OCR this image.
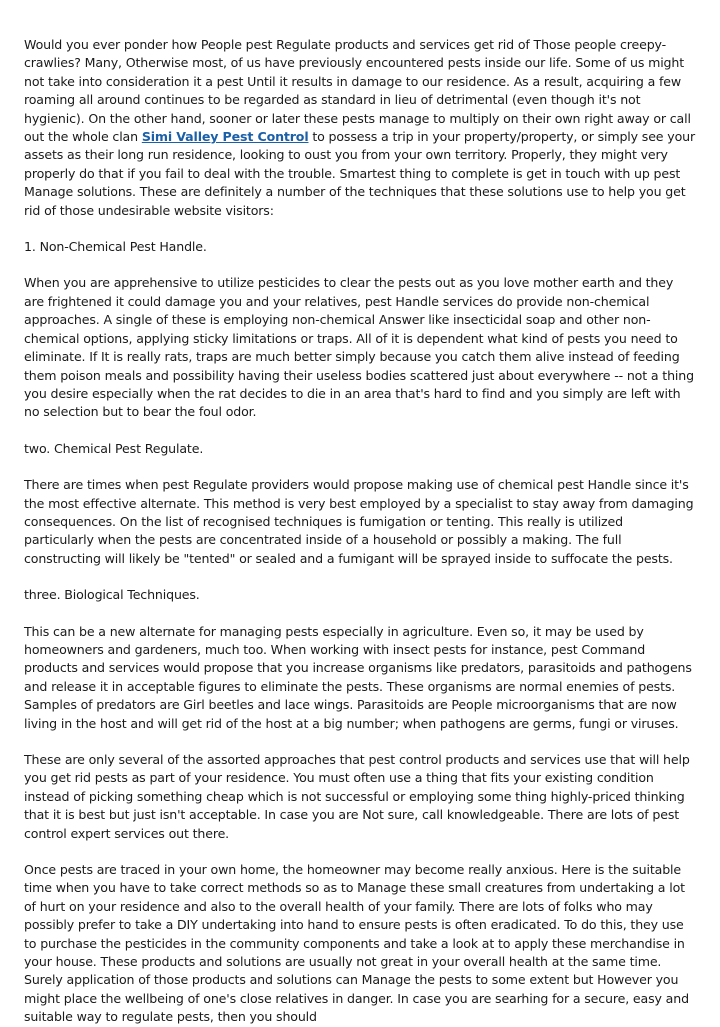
Would you ever ponder how People pest Regulate products and services get rid of Those people creepy-crawlies? Many, Otherwise most, of us have previously encountered pests inside our life. Some of us might not take into consideration it a pest Until it results in damage to our residence. As a result, acquiring a few roaming all around continues to be regarded as standard in lieu of detrimental (even though it's not hygienic). On the other hand, sooner or later these pests manage to multiply on their own right away or call out the whole clan Simi Valley Pest Control to possess a trip in your property/property, or simply see your assets as their long run residence, looking to oust you from your own territory. Properly, they might very properly do that if you fail to deal with the trouble. Smartest thing to complete is get in touch with up pest Manage solutions. These are definitely a number of the techniques that these solutions use to help you get rid of those undesirable website visitors:

1. Non-Chemical Pest Handle.

When you are apprehensive to utilize pesticides to clear the pests out as you love mother earth and they are frightened it could damage you and your relatives, pest Handle services do provide non-chemical approaches. A single of these is employing non-chemical Answer like insecticidal soap and other non-chemical options, applying sticky limitations or traps. All of it is dependent what kind of pests you need to eliminate. If It is really rats, traps are much better simply because you catch them alive instead of feeding them poison meals and possibility having their useless bodies scattered just about everywhere -- not a thing you desire especially when the rat decides to die in an area that's hard to find and you simply are left with no selection but to bear the foul odor.

two. Chemical Pest Regulate.

There are times when pest Regulate providers would propose making use of chemical pest Handle since it's the most effective alternate. This method is very best employed by a specialist to stay away from damaging consequences. On the list of recognised techniques is fumigation or tenting. This really is utilized particularly when the pests are concentrated inside of a household or possibly a making. The full constructing will likely be "tented" or sealed and a fumigant will be sprayed inside to suffocate the pests.

three. Biological Techniques.

This can be a new alternate for managing pests especially in agriculture. Even so, it may be used by homeowners and gardeners, much too. When working with insect pests for instance, pest Command products and services would propose that you increase organisms like predators, parasitoids and pathogens and release it in acceptable figures to eliminate the pests. These organisms are normal enemies of pests. Samples of predators are Girl beetles and lace wings. Parasitoids are People microorganisms that are now living in the host and will get rid of the host at a big number; when pathogens are germs, fungi or viruses.

These are only several of the assorted approaches that pest control products and services use that will help you get rid pests as part of your residence. You must often use a thing that fits your existing condition instead of picking something cheap which is not successful or employing some thing highly-priced thinking that it is best but just isn't acceptable. In case you are Not sure, call knowledgeable. There are lots of pest control expert services out there.

Once pests are traced in your own home, the homeowner may become really anxious. Here is the suitable time when you have to take correct methods so as to Manage these small creatures from undertaking a lot of hurt on your residence and also to the overall health of your family. There are lots of folks who may possibly prefer to take a DIY undertaking into hand to ensure pests is often eradicated. To do this, they use to purchase the pesticides in the community components and take a look at to apply these merchandise in your house. These products and solutions are usually not great in your overall health at the same time. Surely application of those products and solutions can Manage the pests to some extent but However you might place the wellbeing of one's close relatives in danger. In case you are searhing for a secure, easy and suitable way to regulate pests, then you should
